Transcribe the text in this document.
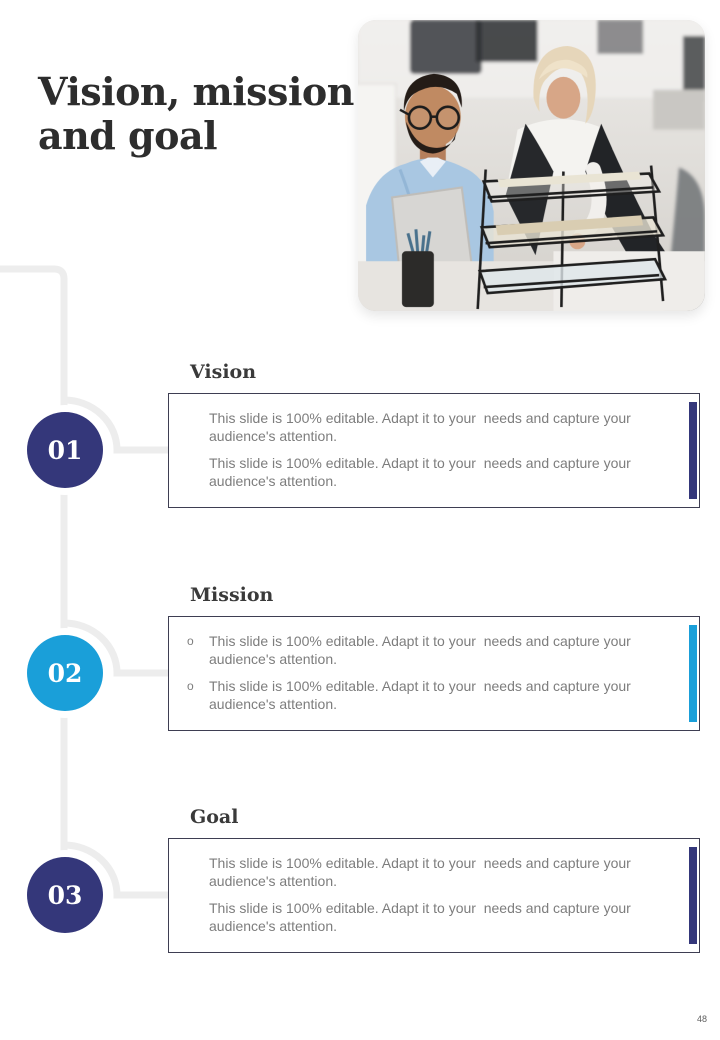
Vision, mission
and goal
01
Vision

This slide is 100% editable. Adapt it to your  needs and capture your audience's attention.

This slide is 100% editable. Adapt it to your  needs and capture your audience's attention.

02
Mission
o This slide is 100% editable. Adapt it to your  needs and capture your audience's attention.

o This slide is 100% editable. Adapt it to your  needs and capture your audience's attention.

03
Goal

This slide is 100% editable. Adapt it to your  needs and capture your audience's attention.

This slide is 100% editable. Adapt it to your  needs and capture your audience's attention.

48
